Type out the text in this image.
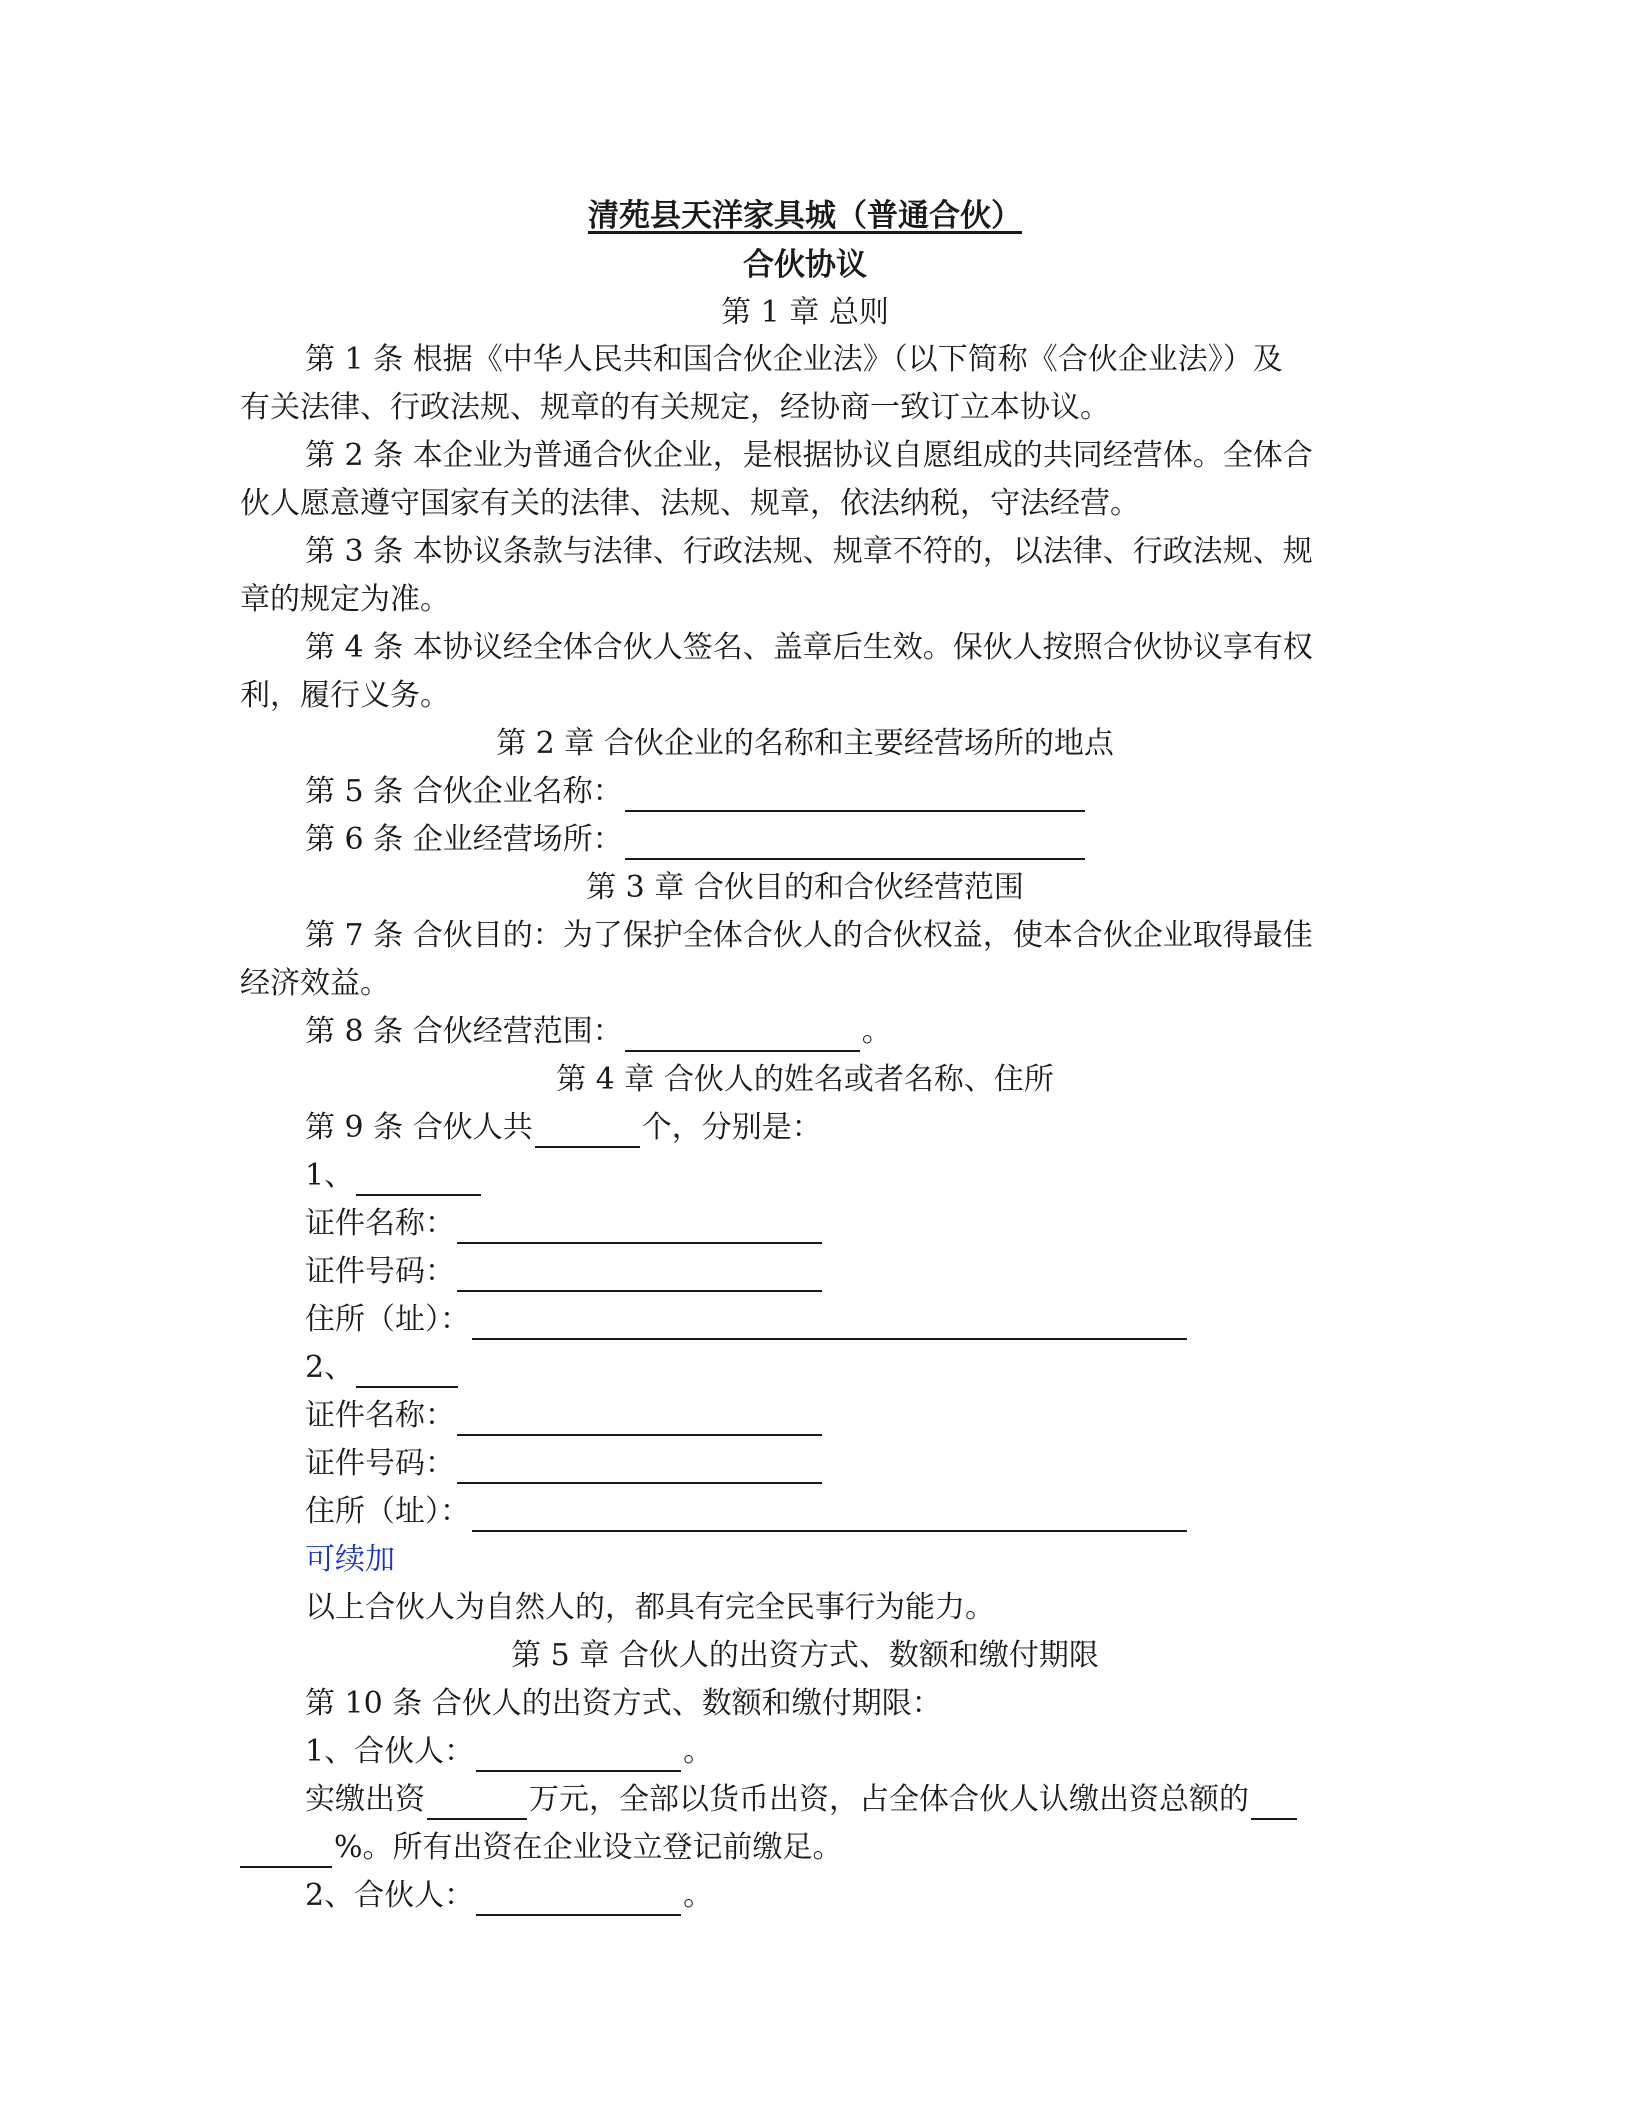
清苑县天洋家具城（普通合伙）
合伙协议
第 1 章 总则
第 1 条 根据《中华人民共和国合伙企业法》（以下简称《合伙企业法》）及
有关法律、行政法规、规章的有关规定，经协商一致订立本协议。
第 2 条 本企业为普通合伙企业，是根据协议自愿组成的共同经营体。全体合
伙人愿意遵守国家有关的法律、法规、规章，依法纳税，守法经营。
第 3 条 本协议条款与法律、行政法规、规章不符的，以法律、行政法规、规
章的规定为准。
第 4 条 本协议经全体合伙人签名、盖章后生效。保伙人按照合伙协议享有权
利，履行义务。
第 2 章 合伙企业的名称和主要经营场所的地点
第 5 条 合伙企业名称：
第 6 条 企业经营场所：
第 3 章 合伙目的和合伙经营范围
第 7 条 合伙目的：为了保护全体合伙人的合伙权益，使本合伙企业取得最佳
经济效益。
第 8 条 合伙经营范围：	。
第 4 章 合伙人的姓名或者名称、住所
第 9 条 合伙人共	个，分别是：
1、
证件名称：
证件号码：
住所（址）：
2、
证件名称：
证件号码：
住所（址）：
可续加
以上合伙人为自然人的，都具有完全民事行为能力。
第 5 章 合伙人的出资方式、数额和缴付期限
第 10 条 合伙人的出资方式、数额和缴付期限：
1、合伙人：	。
实缴出资	万元，全部以货币出资，占全体合伙人认缴出资总额的
%。所有出资在企业设立登记前缴足。
2、合伙人：	。
